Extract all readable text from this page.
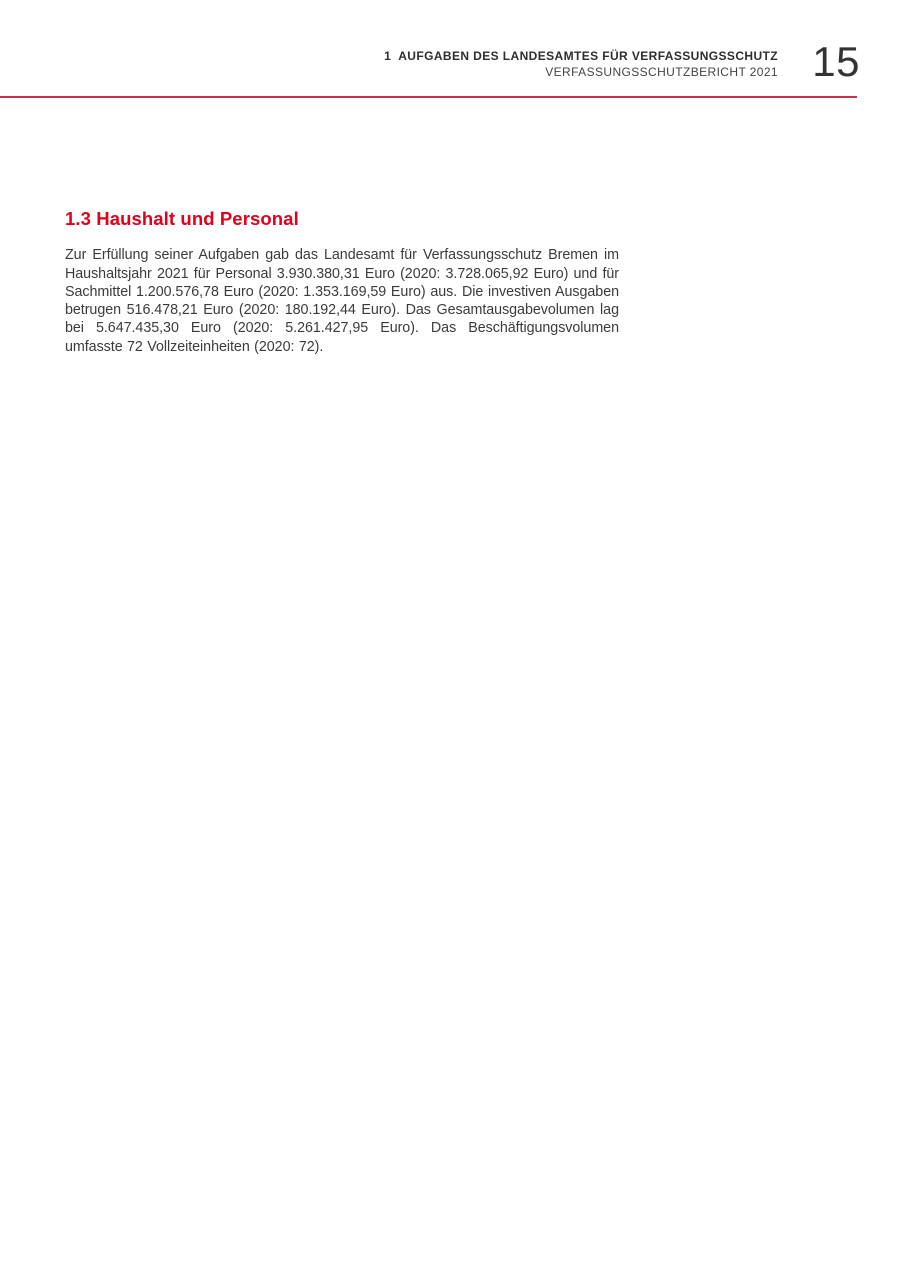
1  AUFGABEN DES LANDESAMTES FÜR VERFASSUNGSSCHUTZ
VERFASSUNGSSCHUTZBERICHT 2021 15
1.3 Haushalt und Personal

Zur Erfüllung seiner Aufgaben gab das Landesamt für Verfassungsschutz Bremen im Haushaltsjahr 2021 für Personal 3.930.380,31 Euro (2020: 3.728.065,92 Euro) und für Sachmittel 1.200.576,78 Euro (2020: 1.353.169,59 Euro) aus. Die investiven Ausgaben betrugen 516.478,21 Euro (2020: 180.192,44 Euro). Das Gesamtausgabevolumen lag bei 5.647.435,30 Euro (2020: 5.261.427,95 Euro). Das Beschäftigungsvolumen umfasste 72 Vollzeiteinheiten (2020: 72).
